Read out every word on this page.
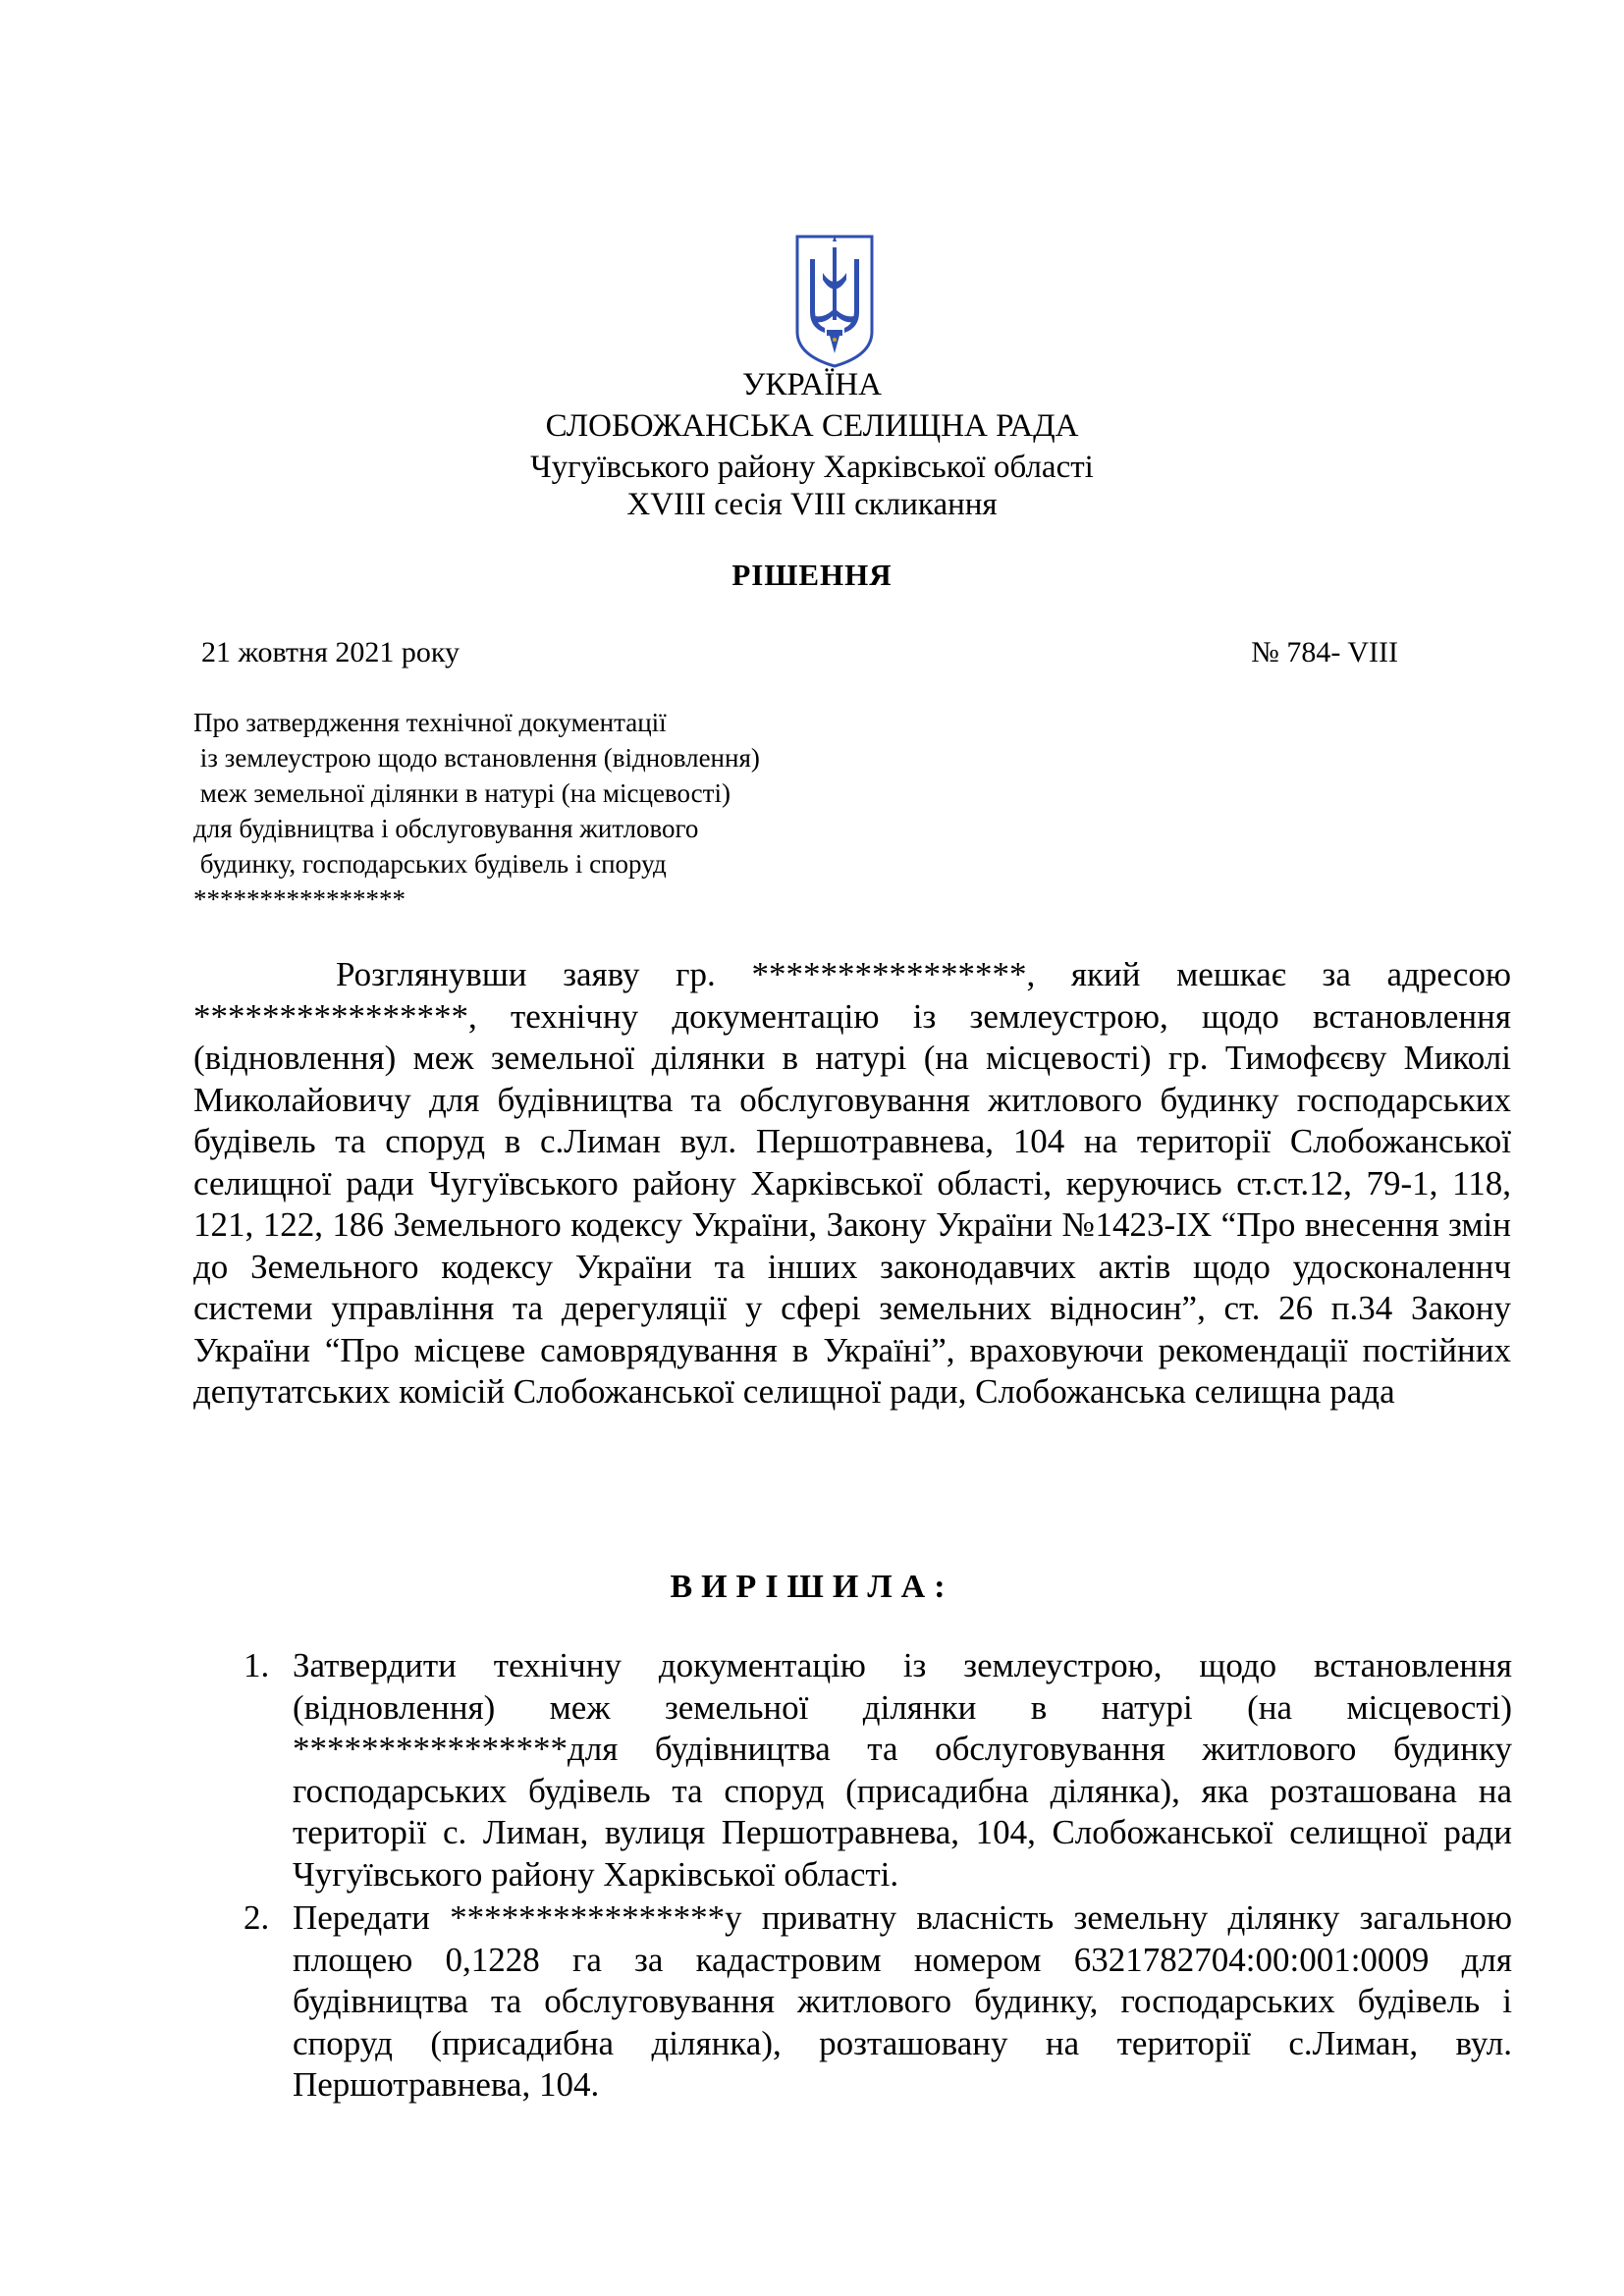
УКРАЇНА
СЛОБОЖАНСЬКА СЕЛИЩНА РАДА
Чугуївського району Харківської області
XVIII сесія VIII скликання
РІШЕННЯ
21 жовтня 2021 року	№ 784- VIII
Про затвердження технічної документації
із землеустрою щодо встановлення (відновлення)
меж земельної ділянки в натурі (на місцевості)
для будівництва і обслуговування житлового
будинку, господарських будівель і споруд
****************

Розглянувши заяву гр. ****************, який мешкає за адресою ****************, технічну документацію із землеустрою, щодо встановлення (відновлення) меж земельної ділянки в натурі (на місцевості) гр. Тимофєєву Миколі Миколайовичу для будівництва та обслуговування житлового будинку господарських будівель та споруд в с.Лиман вул. Першотравнева, 104 на території Слобожанської селищної ради Чугуївського району Харківської області, керуючись ст.ст.12, 79-1, 118, 121, 122, 186 Земельного кодексу України, Закону України №1423-IX “Про внесення змін до Земельного кодексу України та інших законодавчих актів щодо удосконаленнч системи управління та дерегуляції у сфері земельних відносин”, ст. 26 п.34 Закону України “Про місцеве самоврядування в Україні”, враховуючи рекомендації постійних депутатських комісій Слобожанської селищної ради, Слобожанська селищна рада

ВИРІШИЛА:
1. Затвердити технічну документацію із землеустрою, щодо встановлення (відновлення) меж земельної ділянки в натурі (на місцевості) ****************для будівництва та обслуговування житлового будинку господарських будівель та споруд (присадибна ділянка), яка розташована на території с. Лиман, вулиця Першотравнева, 104, Слобожанської селищної ради Чугуївського району Харківської області.
2. Передати ****************у приватну власність земельну ділянку загальною площею 0,1228 га за кадастровим номером 6321782704:00:001:0009 для будівництва та обслуговування житлового будинку, господарських будівель і споруд (присадибна ділянка), розташовану на території с.Лиман, вул. Першотравнева, 104.
